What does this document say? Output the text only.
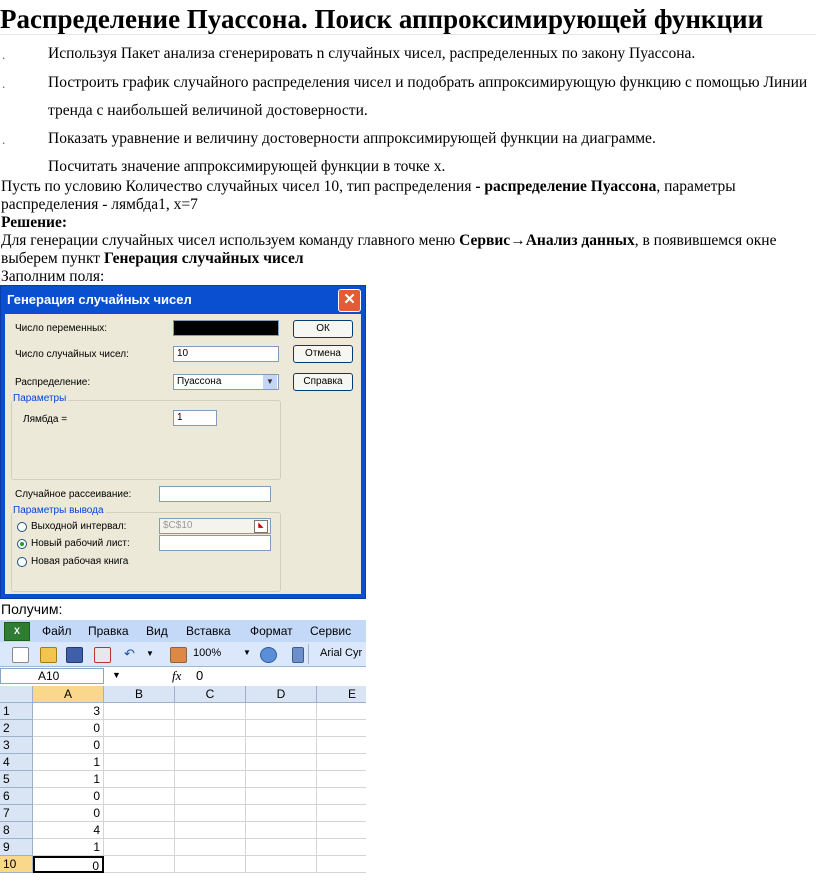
Распределение Пуассона. Поиск аппроксимирующей функции
.	Используя Пакет анализа сгенерировать n случайных чисел, распределенных по закону Пуассона.
.	Построить график случайного распределения чисел и подобрать аппроксимирующую функцию с помощью Линии
тренда с наибольшей величиной достоверности.
.	Показать уравнение и величину достоверности аппроксимирующей функции на диаграмме.
Посчитать значение аппроксимирующей функции в точке x.
Пусть по условию Количество случайных чисел 10, тип распределения - распределение Пуассона, параметры
распределения - лямбда1, x=7
Решение:
Для генерации случайных чисел используем команду главного меню Сервис→Анализ данных, в появившемся окне
выберем пункт Генерация случайных чисел
Заполним поля:
Генерация случайных чисел	✕
Число переменных:	1
Число случайных чисел:	10
Распределение:	Пуассона	▼
ОК
Отмена
Справка
Параметры
Лямбда =	1
Случайное рассеивание:
Параметры вывода
Выходной интервал:	$C$10	◣
Новый рабочий лист:
Новая рабочая книга
Получим:
X	Файл Правка Вид Вставка Формат Сервис
↶ ▼	100%	▼	Arial Cyr
A10	▼	fx 0
A	B	C	D	E
1	3
2	0
3	0
4	1
5	1
6	0
7	0
8	4
9	1
10	0
